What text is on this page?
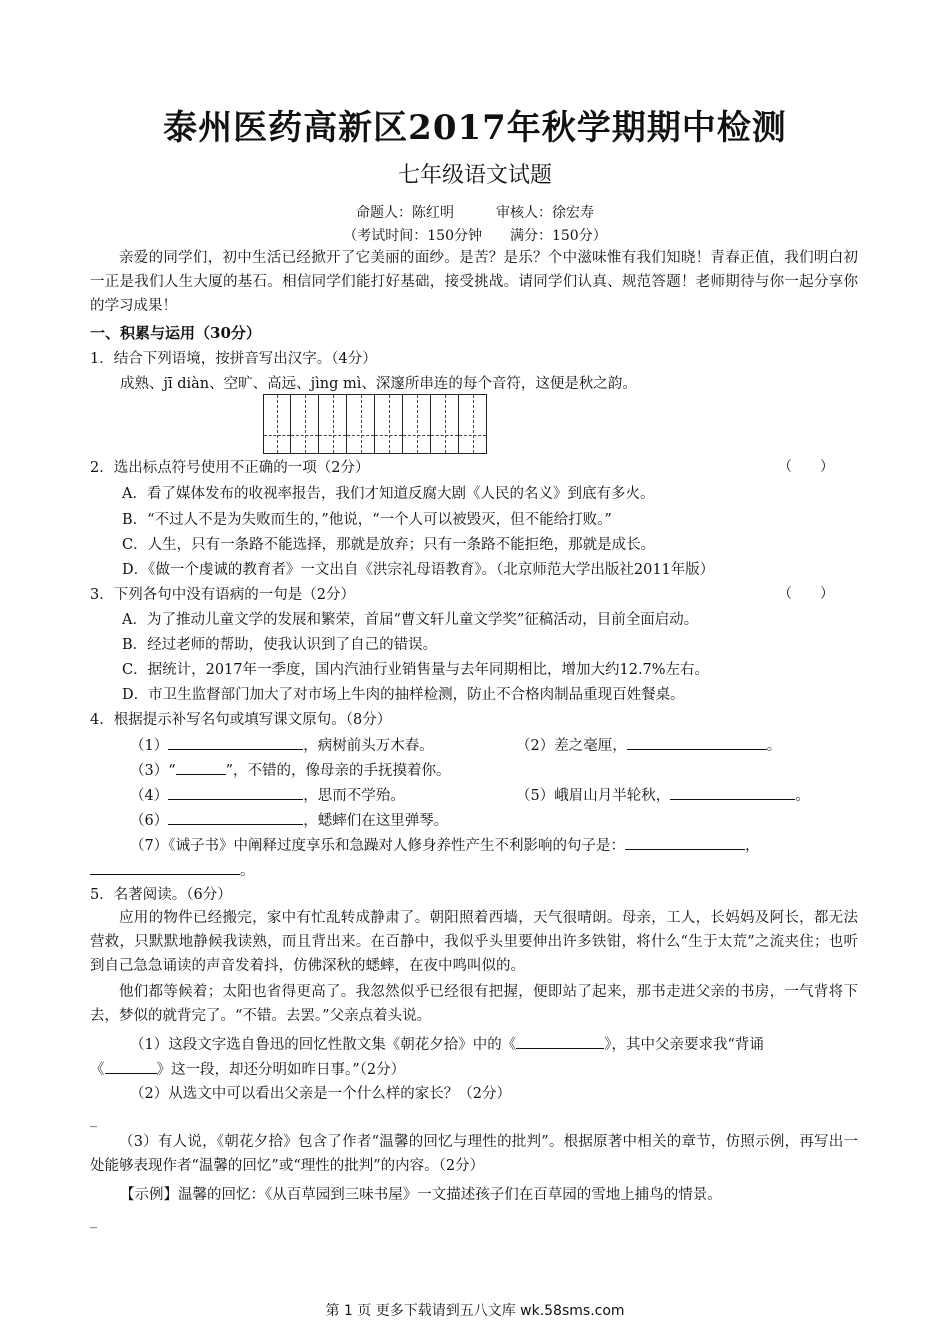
泰州医药高新区2017年秋学期期中检测
七年级语文试题
命题人：陈红明　　　审核人：徐宏寿
（考试时间：150分钟　　满分：150分）
亲爱的同学们，初中生活已经掀开了它美丽的面纱。是苦？是乐？个中滋味惟有我们知晓！青春正值，我们明白初一正是我们人生大厦的基石。相信同学们能打好基础，接受挑战。请同学们认真、规范答题！老师期待与你一起分享你的学习成果！
一、积累与运用（30分）
1．结合下列语境，按拼音写出汉字。（4分）
成熟、jī diàn、空旷、高远、jìng mì、深邃所串连的每个音符，这便是秋之韵。
2．选出标点符号使用不正确的一项（2分）	（　　）
A．看了媒体发布的收视率报告，我们才知道反腐大剧《人民的名义》到底有多火。
B．“不过人不是为失败而生的，”他说，“一个人可以被毁灭，但不能给打败。”
C．人生，只有一条路不能选择，那就是放弃；只有一条路不能拒绝，那就是成长。
D．《做一个虔诚的教育者》一文出自《洪宗礼母语教育》。（北京师范大学出版社2011年版）
3．下列各句中没有语病的一句是（2分）	（　　）
A．为了推动儿童文学的发展和繁荣，首届“曹文轩儿童文学奖”征稿活动，目前全面启动。
B．经过老师的帮助，使我认识到了自己的错误。
C．据统计，2017年一季度，国内汽油行业销售量与去年同期相比，增加大约12.7%左右。
D．市卫生监督部门加大了对市场上牛肉的抽样检测，防止不合格肉制品重现百姓餐桌。
4．根据提示补写名句或填写课文原句。（8分）
（1）	，病树前头万木春。	（2）差之毫厘，	。
（3）“	”，不错的，像母亲的手抚摸着你。
（4）	，思而不学殆。	（5）峨眉山月半轮秋，	。
（6）	，蟋蟀们在这里弹琴。
（7）《诫子书》中阐释过度享乐和急躁对人修身养性产生不利影响的句子是：	，
。
5．名著阅读。（6分）
应用的物件已经搬完，家中有忙乱转成静肃了。朝阳照着西墙，天气很晴朗。母亲，工人，长妈妈及阿长，都无法营救，只默默地静候我读熟，而且背出来。在百静中，我似乎头里要伸出许多铁钳，将什么“生于太荒”之流夹住；也听到自己急急诵读的声音发着抖，仿佛深秋的蟋蟀，在夜中鸣叫似的。
他们都等候着；太阳也省得更高了。我忽然似乎已经很有把握，便即站了起来，那书走进父亲的书房，一气背将下去，梦似的就背完了。“不错。去罢。”父亲点着头说。
（1）这段文字选自鲁迅的回忆性散文集《朝花夕拾》中的《	》，其中父亲要求我“背诵
《	》这一段，却还分明如昨日事。”（2分）
（2）从选文中可以看出父亲是一个什么样的家长？（2分）
_
（3）有人说，《朝花夕拾》包含了作者“温馨的回忆与理性的批判”。根据原著中相关的章节，仿照示例，再写出一处能够表现作者“温馨的回忆”或“理性的批判”的内容。（2分）
【示例】温馨的回忆：《从百草园到三味书屋》一文描述孩子们在百草园的雪地上捕鸟的情景。
_
第 1 页 更多下载请到五八文库 wk.58sms.com
